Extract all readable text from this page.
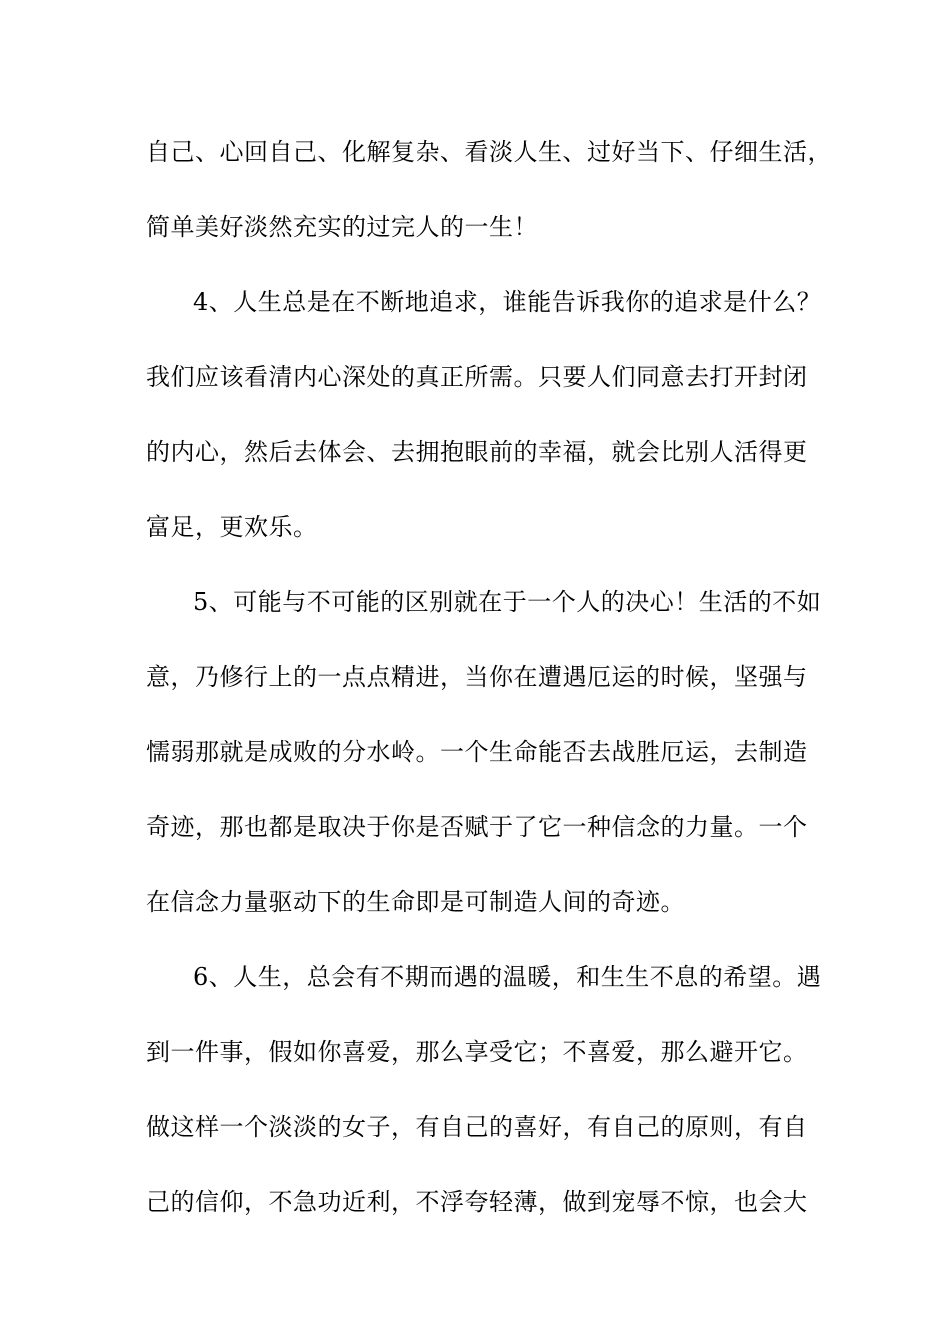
自己、心回自己、化解复杂、看淡人生、过好当下、仔细生活，
简单美好淡然充实的过完人的一生！
4、人生总是在不断地追求，谁能告诉我你的追求是什么？
我们应该看清内心深处的真正所需。只要人们同意去打开封闭
的内心，然后去体会、去拥抱眼前的幸福，就会比别人活得更
富足，更欢乐。
5、可能与不可能的区别就在于一个人的决心！生活的不如
意，乃修行上的一点点精进，当你在遭遇厄运的时候，坚强与
懦弱那就是成败的分水岭。一个生命能否去战胜厄运，去制造
奇迹，那也都是取决于你是否赋于了它一种信念的力量。一个
在信念力量驱动下的生命即是可制造人间的奇迹。
6、人生，总会有不期而遇的温暖，和生生不息的希望。遇
到一件事，假如你喜爱，那么享受它；不喜爱，那么避开它。
做这样一个淡淡的女子，有自己的喜好，有自己的原则，有自
己的信仰，不急功近利，不浮夸轻薄，做到宠辱不惊，也会大
